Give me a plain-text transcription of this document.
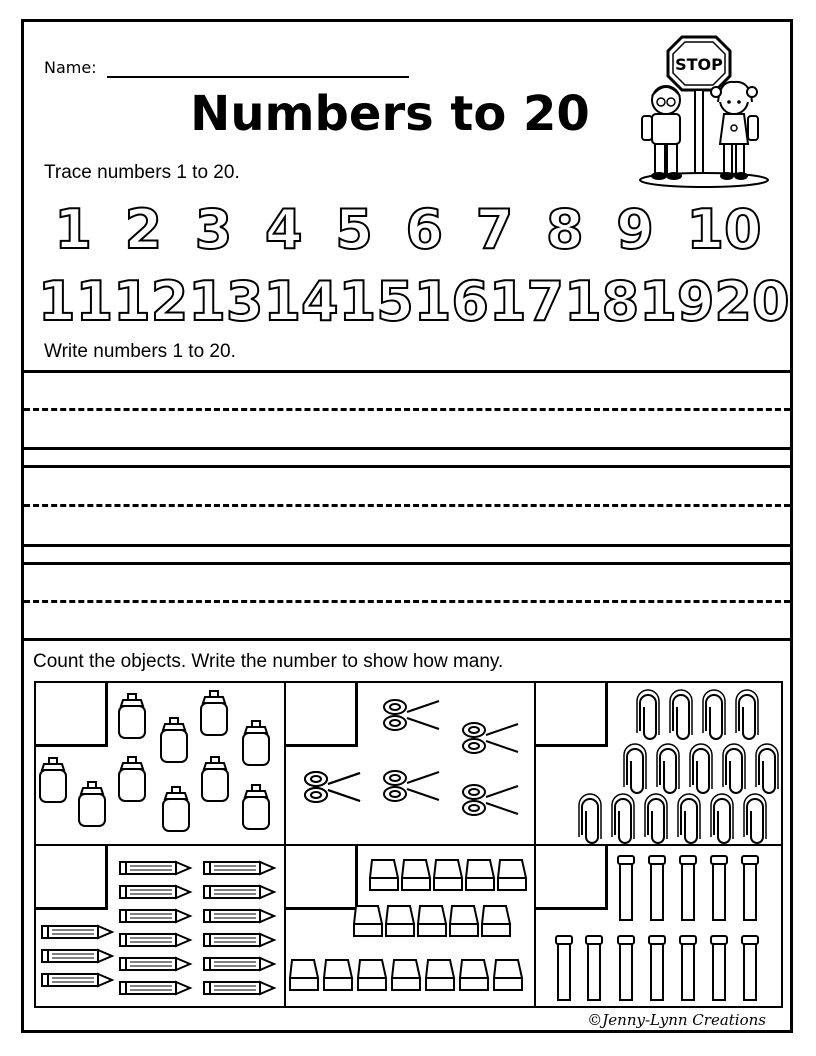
Name:
Numbers to 20
STOP
Trace numbers 1 to 20.
1 2 3 4 5 6 7 8 9 10
11 12 13 14 15 16 17 18 19 20
Write numbers 1 to 20.
Count the objects. Write the number to show how many.
©Jenny-Lynn Creations
